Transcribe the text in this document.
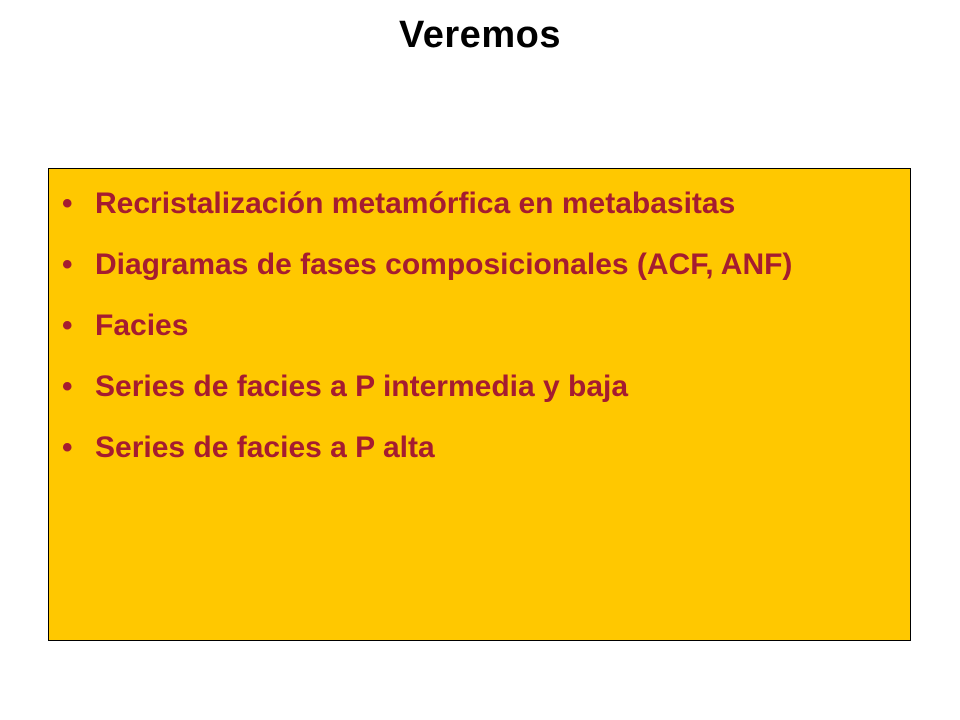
Veremos
• Recristalización metamórfica en metabasitas
• Diagramas de fases composicionales (ACF, ANF)
• Facies
• Series de facies a P intermedia y baja
• Series de facies a P alta
